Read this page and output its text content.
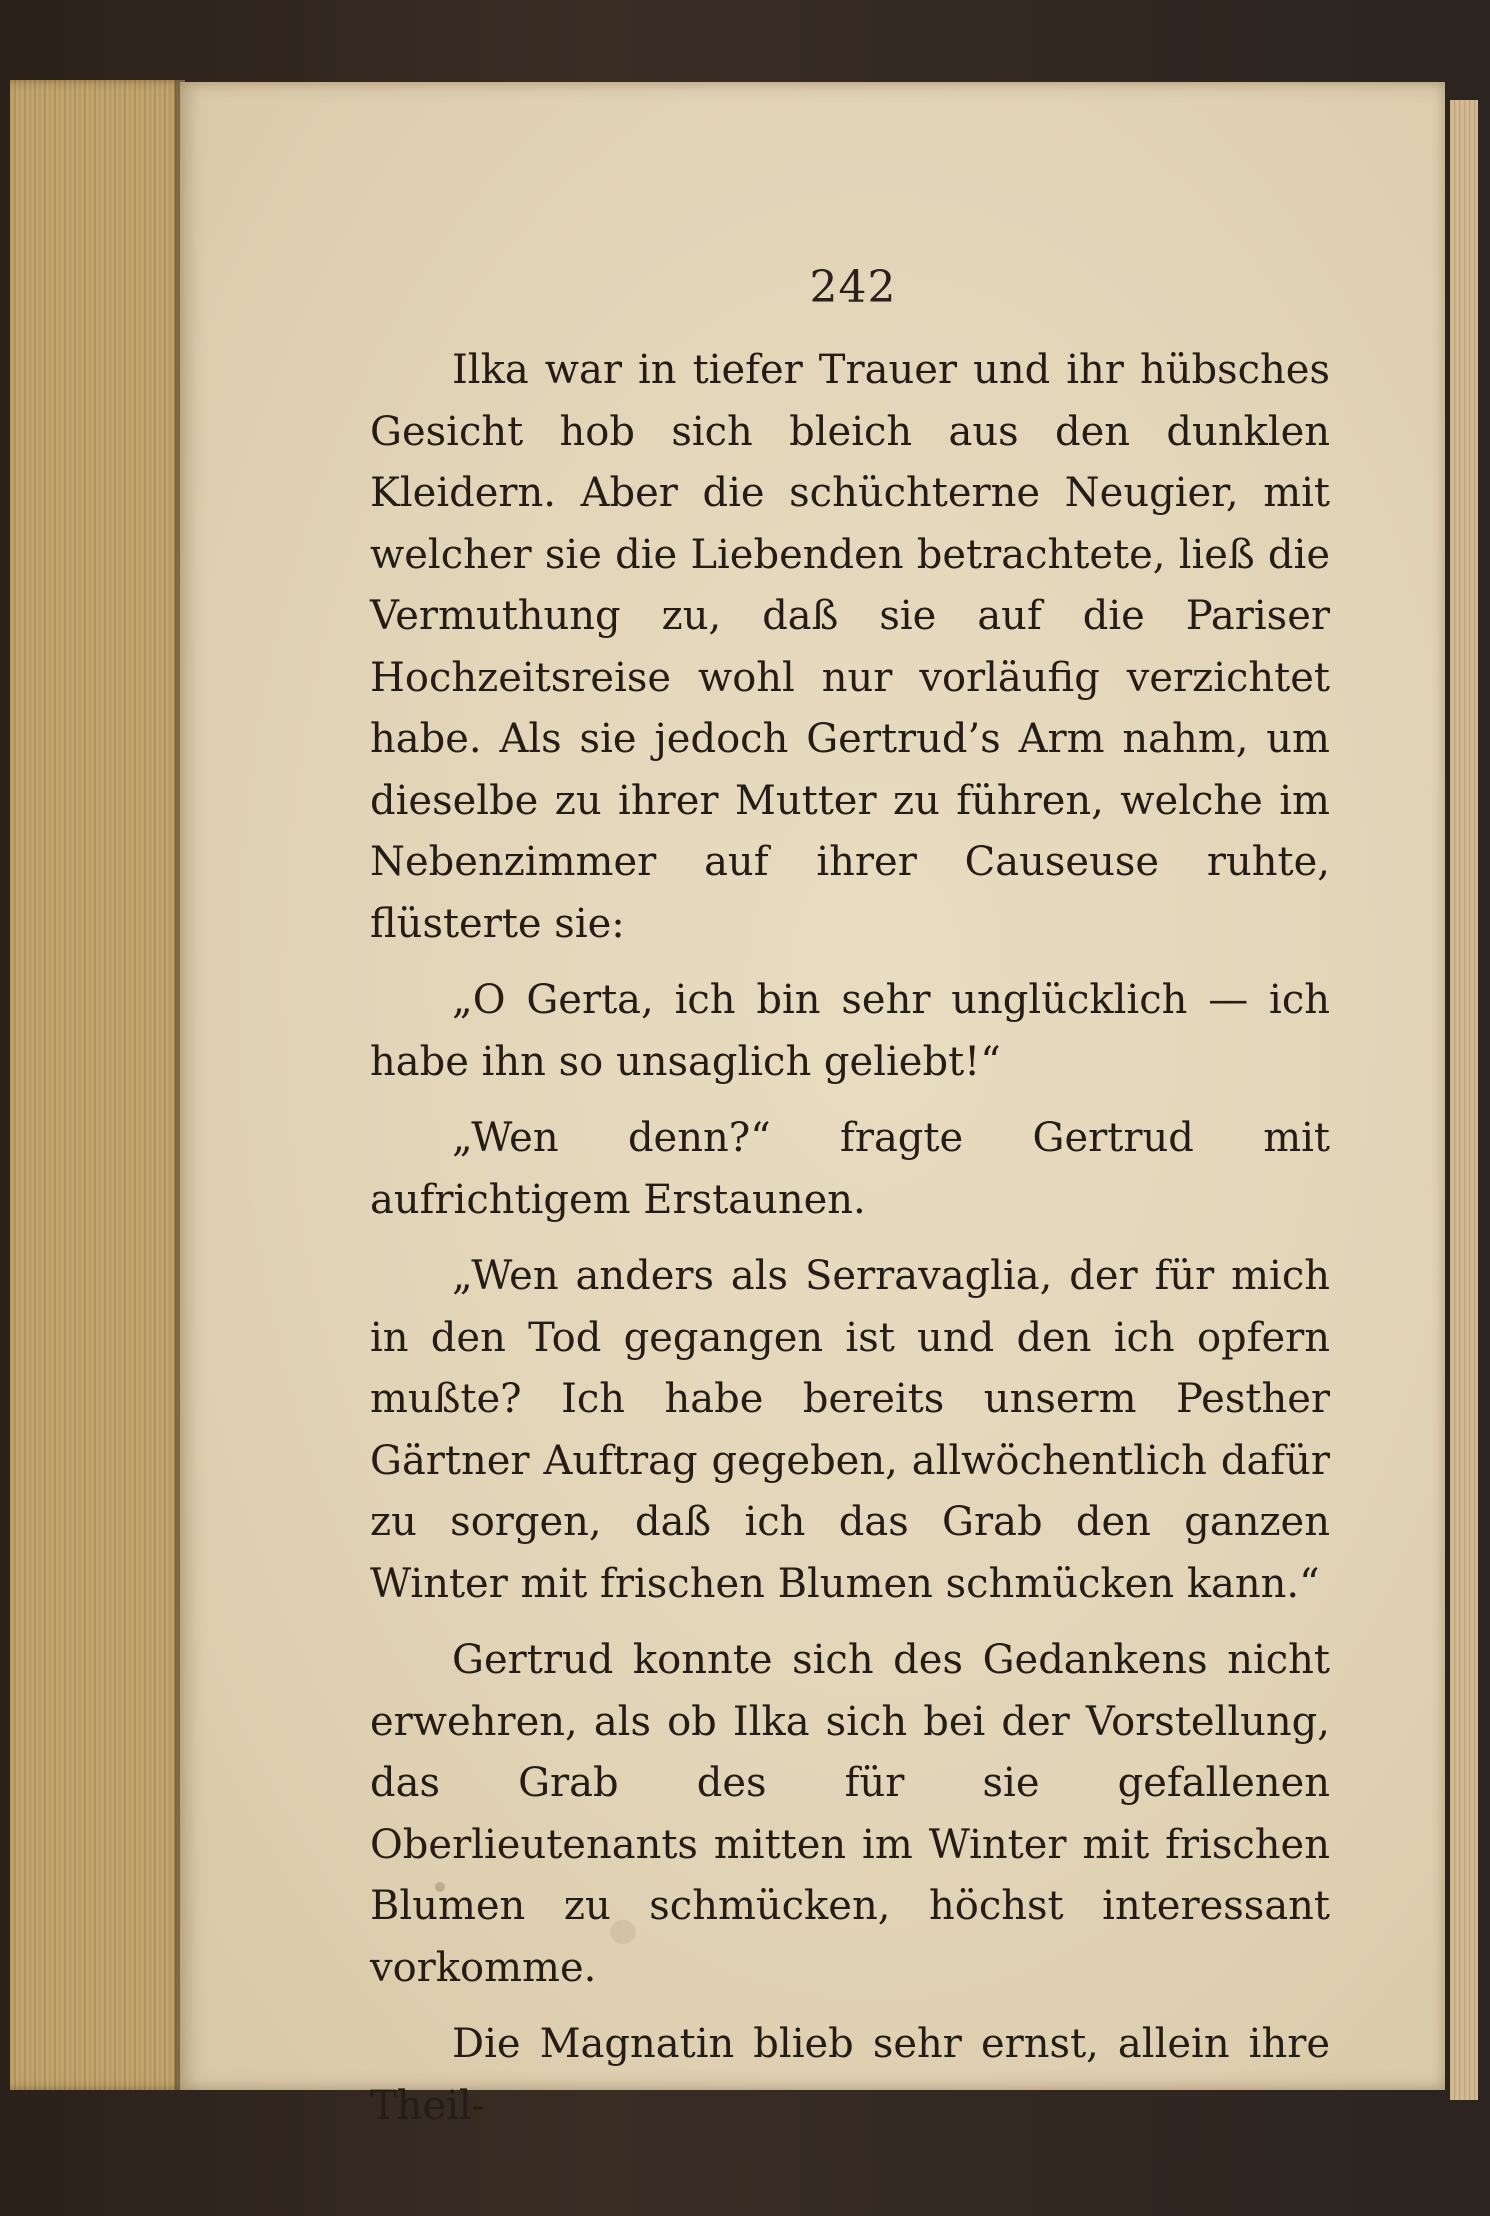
242

Ilka war in tiefer Trauer und ihr hübsches Gesicht hob sich bleich aus den dunklen Kleidern. Aber die schüchterne Neugier, mit welcher sie die Liebenden betrachtete, ließ die Vermuthung zu, daß sie auf die Pariser Hochzeitsreise wohl nur vorläufig verzichtet habe. Als sie jedoch Gertrud’s Arm nahm, um dieselbe zu ihrer Mutter zu führen, welche im Nebenzimmer auf ihrer Causeuse ruhte, flüsterte sie:

„O Gerta, ich bin sehr unglücklich — ich habe ihn so unsaglich geliebt!“

„Wen denn?“ fragte Gertrud mit aufrichtigem Erstaunen.

„Wen anders als Serravaglia, der für mich in den Tod gegangen ist und den ich opfern mußte? Ich habe bereits unserm Pesther Gärtner Auftrag gegeben, allwöchentlich dafür zu sorgen, daß ich das Grab den ganzen Winter mit frischen Blumen schmücken kann.“

Gertrud konnte sich des Gedankens nicht erwehren, als ob Ilka sich bei der Vorstellung, das Grab des für sie gefallenen Oberlieutenants mitten im Winter mit frischen Blumen zu schmücken, höchst interessant vorkomme.

Die Magnatin blieb sehr ernst, allein ihre Theil-
